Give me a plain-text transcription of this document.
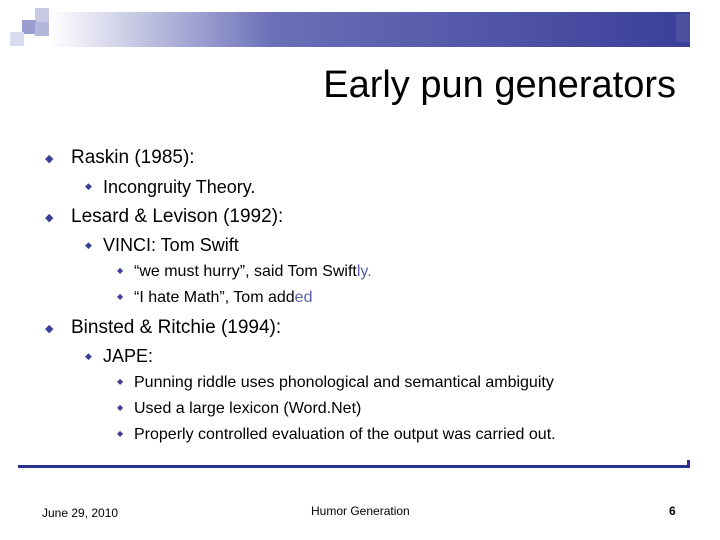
Early pun generators
◆ Raskin (1985):
◆ Incongruity Theory.
◆ Lesard & Levison (1992):
◆ VINCI: Tom Swift
◆ “we must hurry”, said Tom Swiftly.
◆ “I hate Math”, Tom added
◆ Binsted & Ritchie (1994):
◆ JAPE:
◆ Punning riddle uses phonological and semantical ambiguity
◆ Used a large lexicon (Word.Net)
◆ Properly controlled evaluation of the output was carried out.
June 29, 2010	Humor Generation	6
